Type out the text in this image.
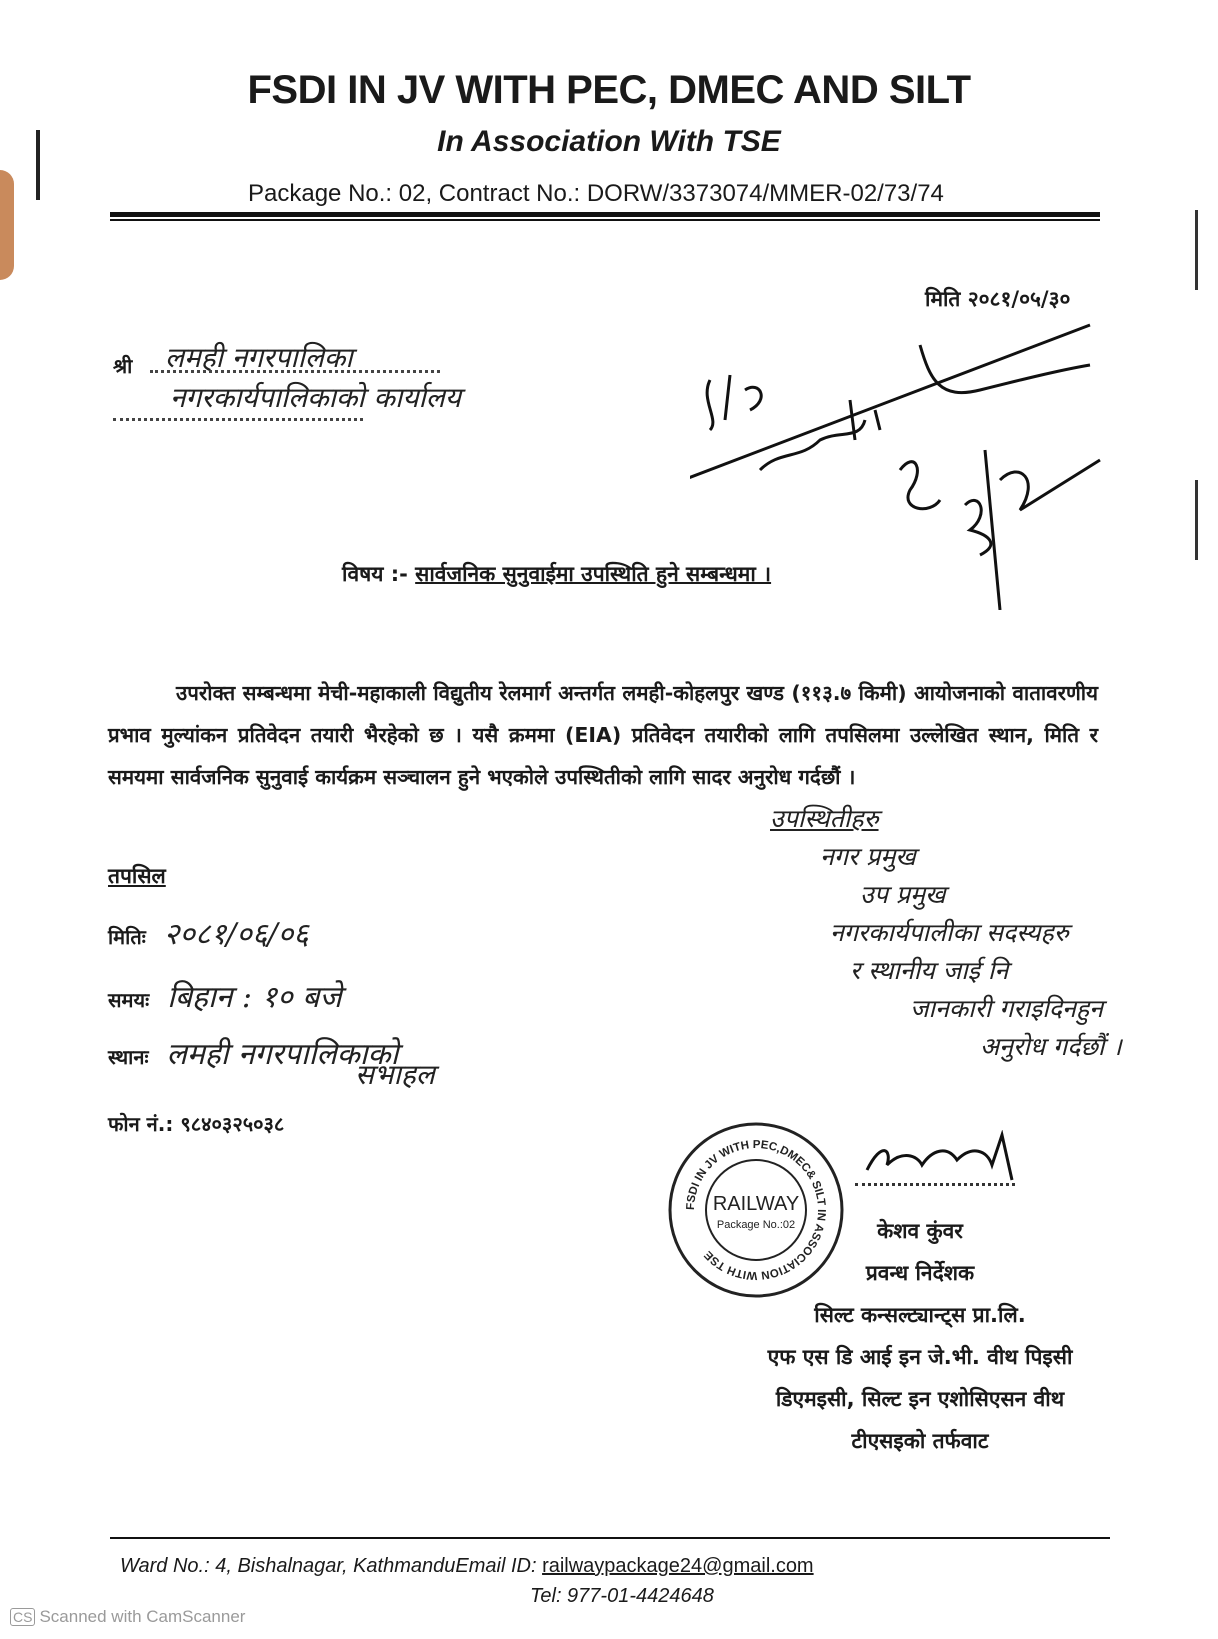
FSDI IN JV WITH PEC, DMEC AND SILT
In Association With TSE
Package No.: 02, Contract No.: DORW/3373074/MMER-02/73/74
मिति २०८१/०५/३०
श्री लमही नगरपालिका
नगरकार्यपालिकाको कार्यालय
विषय :- सार्वजनिक सुनुवाईमा उपस्थिति हुने सम्बन्धमा ।
उपरोक्त सम्बन्धमा मेची-महाकाली विद्युतीय रेलमार्ग अन्तर्गत लमही-कोहलपुर खण्ड (११३.७ किमी) आयोजनाको वातावरणीय प्रभाव मुल्यांकन प्रतिवेदन तयारी भैरहेको छ । यसै क्रममा (EIA) प्रतिवेदन तयारीको लागि तपसिलमा उल्लेखित स्थान, मिति र समयमा सार्वजनिक सुनुवाई कार्यक्रम सञ्चालन हुने भएकोले उपस्थितीको लागि सादर अनुरोध गर्दछौं ।
उपस्थितीहरु
नगर प्रमुख
उप प्रमुख
नगरकार्यपालीका सदस्यहरु
र स्थानीय जाई नि
जानकारी गराइदिनहुन
अनुरोध गर्दछौं ।
तपसिल
मितिः २०८१/०६/०६
समयः बिहान : १० बजे
स्थानः लमही नगरपालिकाको
सभाहल
फोन नं.: ९८४०३२५०३८
FSDI IN JV WITH PEC,DMEC& SILT IN ASSOCIATION WITH TSE
RAILWAY
Package No.:02	केशव कुंवर
प्रवन्ध निर्देशक
सिल्ट कन्सल्ट्यान्ट्स प्रा.लि.
एफ एस डि आई इन जे.भी. वीथ पिइसी
डिएमइसी, सिल्ट इन एशोसिएसन वीथ
टीएसइको तर्फवाट
Ward No.: 4, Bishalnagar, KathmanduEmail ID: railwaypackage24@gmail.com
Tel: 977-01-4424648
CS Scanned with CamScanner
